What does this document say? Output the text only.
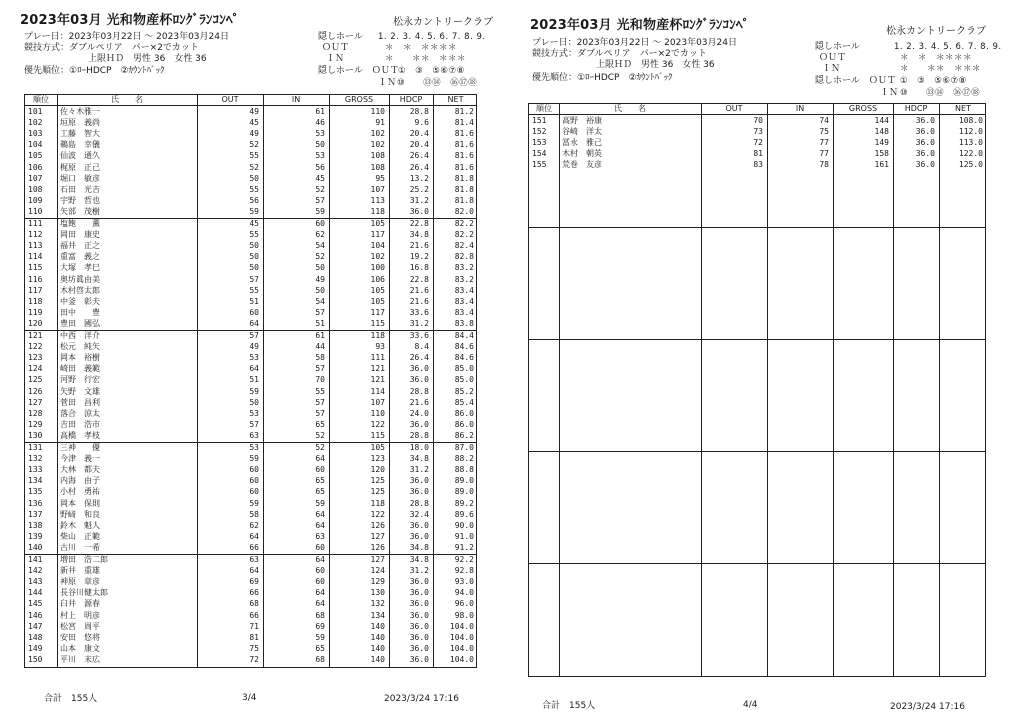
2023年03月 光和物産杯ﾛﾝｸﾞﾗﾝｺﾝﾍﾟ	松永カントリークラブ
プレー日：2023年03月22日 ～ 2023年03月24日
競技方式：ダブルペリア　パー×2でカット
上限ＨＤ　男性 36　女性 36
優先順位：①ﾛｰHDCP　②ｶｳﾝﾄﾊﾞｯｸ
隠しホール 1. 2. 3. 4. 5. 6. 7. 8. 9.
ＯＵＴ	＊　＊　＊＊＊＊
ＩＮ	＊　　＊＊　＊＊＊
隠しホール　ＯＵＴ ①　③　⑤⑥⑦⑧
ＩＮ ⑩　　⑬⑭　⑯⑰⑱
順位	氏　　名	OUT	IN	GROSS	HDCP	NET
101	佐々木雅一	49	61	110	28.8	81.2
102	垣原　義尚	45	46	91	9.6	81.4
103	工藤　智大	49	53	102	20.4	81.6
104	鵜島　幸儀	52	50	102	20.4	81.6
105	仙波　通久	55	53	108	26.4	81.6
106	梶原　正己	52	56	108	26.4	81.6
107	堀口　敏彦	50	45	95	13.2	81.8
108	石田　光吉	55	52	107	25.2	81.8
109	宇野　哲也	56	57	113	31.2	81.8
110	矢部　茂樹	59	59	118	36.0	82.0
111	塩飽　　薫	45	60	105	22.8	82.2
112	岡田　康史	55	62	117	34.8	82.2
113	福井　正之	50	54	104	21.6	82.4
114	重富　義之	50	52	102	19.2	82.8
115	大塚　孝巳	50	50	100	16.8	83.2
116	奥坊眞由美	57	49	106	22.8	83.2
117	木村啓太郎	55	50	105	21.6	83.4
118	中釜　彰夫	51	54	105	21.6	83.4
119	田中　　豊	60	57	117	33.6	83.4
120	豊田　國弘	64	51	115	31.2	83.8
121	中西　洋介	57	61	118	33.6	84.4
122	松元　純矢	49	44	93	8.4	84.6
123	岡本　裕樹	53	58	111	26.4	84.6
124	崎田　義範	64	57	121	36.0	85.0
125	河野　行宏	51	70	121	36.0	85.0
126	矢野　文雄	59	55	114	28.8	85.2
127	菅田　昌利	50	57	107	21.6	85.4
128	落合　涼太	53	57	110	24.0	86.0
129	吉田　浩市	57	65	122	36.0	86.0
130	高橋　孝枝	63	52	115	28.8	86.2
131	三神　　優	53	52	105	18.0	87.0
132	今津　義一	59	64	123	34.8	88.2
133	大林　都夫	60	60	120	31.2	88.8
134	内海　由子	60	65	125	36.0	89.0
135	小村　勇祐	60	65	125	36.0	89.0
136	岡本　保則	59	59	118	28.8	89.2
137	野﨑　和良	58	64	122	32.4	89.6
138	鈴木　魁人	62	64	126	36.0	90.0
139	柴山　正範	64	63	127	36.0	91.0
140	古川　一希	66	60	126	34.8	91.2
141	増田　浩二郎	63	64	127	34.8	92.2
142	新井　重雄	64	60	124	31.2	92.8
143	神原　章彦	69	60	129	36.0	93.0
144	長谷川健太郎	66	64	130	36.0	94.0
145	臼井　源春	68	64	132	36.0	96.0
146	村上　明彦	66	68	134	36.0	98.0
147	松宮　周平	71	69	140	36.0	104.0
148	安田　悠将	81	59	140	36.0	104.0
149	山本　康文	75	65	140	36.0	104.0
150	平川　末広	72	68	140	36.0	104.0
合計　155人	3/4	2023/3/24 17:16
2023年03月 光和物産杯ﾛﾝｸﾞﾗﾝｺﾝﾍﾟ	松永カントリークラブ
プレー日：2023年03月22日 ～ 2023年03月24日
競技方式：ダブルペリア　パー×2でカット
上限ＨＤ　男性 36　女性 36
優先順位：①ﾛｰHDCP　②ｶｳﾝﾄﾊﾞｯｸ
隠しホール	1. 2. 3. 4. 5. 6. 7. 8. 9.
ＯＵＴ	＊　＊　＊＊＊＊
ＩＮ	＊　　＊＊　＊＊＊
隠しホール　ＯＵＴ ①　③　⑤⑥⑦⑧
ＩＮ ⑩　　⑬⑭　⑯⑰⑱
順位	氏　　名	OUT	IN	GROSS	HDCP	NET
151	高野　裕康	70	74	144	36.0	108.0
152	谷崎　洋太	73	75	148	36.0	112.0
153	冨永　雅己	72	77	149	36.0	113.0
154	木村　朝英	81	77	158	36.0	122.0
155	荒巻　友彦	83	78	161	36.0	125.0
合計　155人	4/4	2023/3/24 17:16
